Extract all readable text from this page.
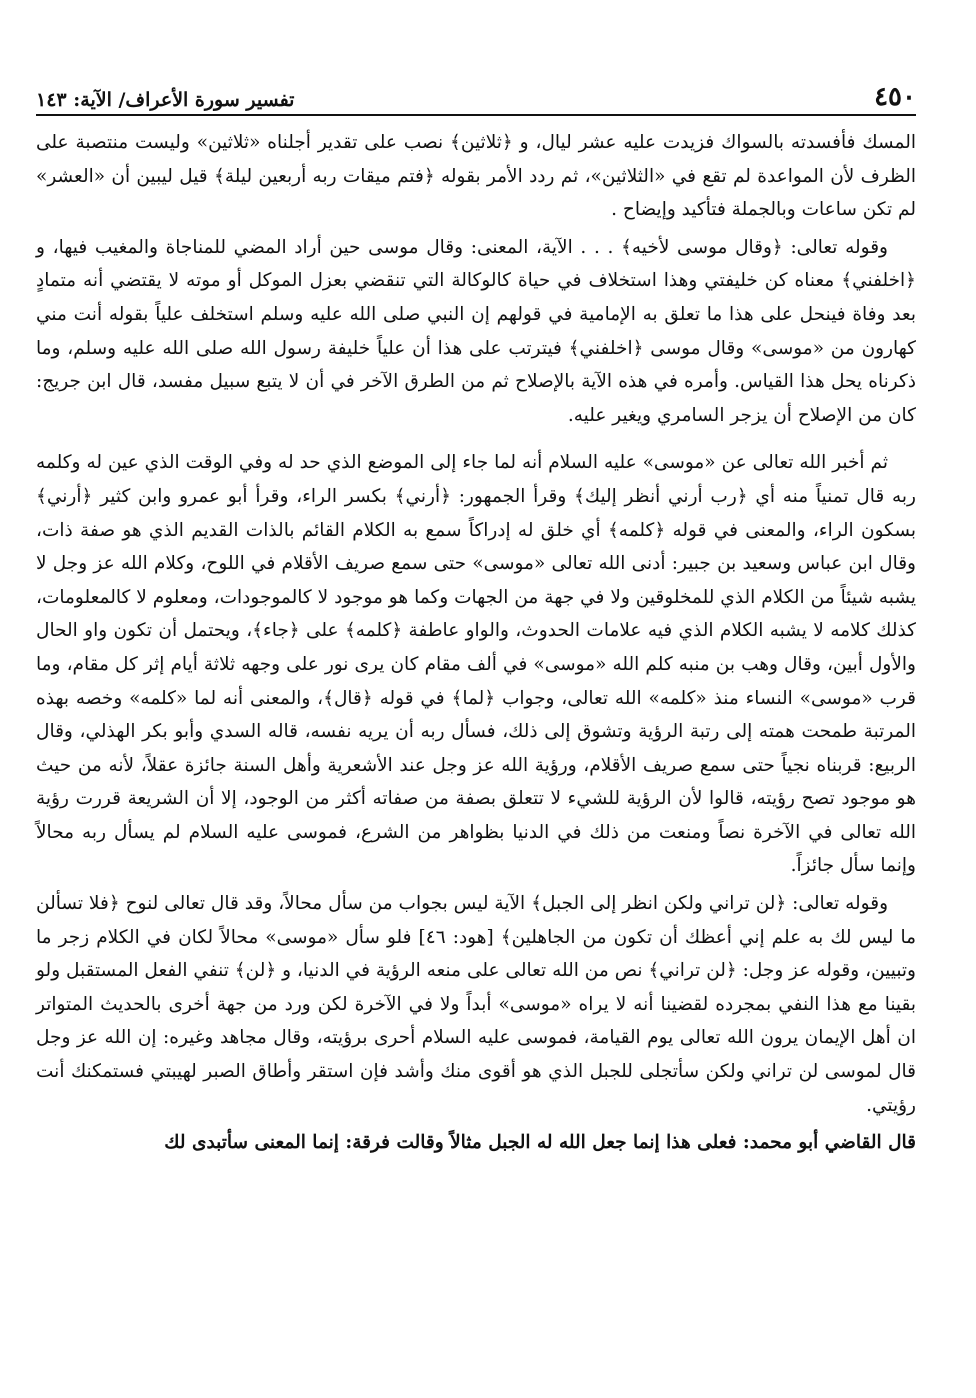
٤٥٠
تفسير سورة الأعراف/ الآية: ١٤٣

المسك فأفسدته بالسواك فزيدت عليه عشر ليال، و ﴿ثلاثين﴾ نصب على تقدير أجلناه «ثلاثين» وليست منتصبة على الظرف لأن المواعدة لم تقع في «الثلاثين»، ثم ردد الأمر بقوله ﴿فتم ميقات ربه أربعين ليلة﴾ قيل ليبين أن «العشر» لم تكن ساعات وبالجملة فتأكيد وإيضاح .

وقوله تعالى: ﴿وقال موسى لأخيه﴾ . . . الآية، المعنى: وقال موسى حين أراد المضي للمناجاة والمغيب فيها، و ﴿اخلفني﴾ معناه كن خليفتي وهذا استخلاف في حياة كالوكالة التي تنقضي بعزل الموكل أو موته لا يقتضي أنه متمادٍ بعد وفاة فينحل على هذا ما تعلق به الإمامية في قولهم إن النبي صلى الله عليه وسلم استخلف علياً بقوله أنت مني كهارون من «موسى» وقال موسى ﴿اخلفني﴾ فيترتب على هذا أن علياً خليفة رسول الله صلى الله عليه وسلم، وما ذكرناه يحل هذا القياس. وأمره في هذه الآية بالإصلاح ثم من الطرق الآخر في أن لا يتبع سبيل مفسد، قال ابن جريج: كان من الإصلاح أن يزجر السامري ويغير عليه.

ثم أخبر الله تعالى عن «موسى» عليه السلام أنه لما جاء إلى الموضع الذي حد له وفي الوقت الذي عين له وكلمه ربه قال تمنياً منه أي ﴿رب أرني أنظر إليك﴾ وقرأ الجمهور: ﴿أرني﴾ بكسر الراء، وقرأ أبو عمرو وابن كثير ﴿أرني﴾ بسكون الراء، والمعنى في قوله ﴿كلمه﴾ أي خلق له إدراكاً سمع به الكلام القائم بالذات القديم الذي هو صفة ذات، وقال ابن عباس وسعيد بن جبير: أدنى الله تعالى «موسى» حتى سمع صريف الأقلام في اللوح، وكلام الله عز وجل لا يشبه شيئاً من الكلام الذي للمخلوقين ولا في جهة من الجهات وكما هو موجود لا كالموجودات، ومعلوم لا كالمعلومات، كذلك كلامه لا يشبه الكلام الذي فيه علامات الحدوث، والواو عاطفة ﴿كلمه﴾ على ﴿جاء﴾، ويحتمل أن تكون واو الحال والأول أبين، وقال وهب بن منبه كلم الله «موسى» في ألف مقام كان يرى نور على وجهه ثلاثة أيام إثر كل مقام، وما قرب «موسى» النساء منذ «كلمه» الله تعالى، وجواب ﴿لما﴾ في قوله ﴿قال﴾، والمعنى أنه لما «كلمه» وخصه بهذه المرتبة طمحت همته إلى رتبة الرؤية وتشوق إلى ذلك، فسأل ربه أن يريه نفسه، قاله السدي وأبو بكر الهذلي، وقال الربيع: قربناه نجياً حتى سمع صريف الأقلام، ورؤية الله عز وجل عند الأشعرية وأهل السنة جائزة عقلاً، لأنه من حيث هو موجود تصح رؤيته، قالوا لأن الرؤية للشيء لا تتعلق بصفة من صفاته أكثر من الوجود، إلا أن الشريعة قررت رؤية الله تعالى في الآخرة نصاً ومنعت من ذلك في الدنيا بظواهر من الشرع، فموسى عليه السلام لم يسأل ربه محالاً وإنما سأل جائزاً.

وقوله تعالى: ﴿لن تراني ولكن انظر إلى الجبل﴾ الآية ليس بجواب من سأل محالاً، وقد قال تعالى لنوح ﴿فلا تسألن ما ليس لك به علم إني أعظك أن تكون من الجاهلين﴾ [هود: ٤٦] فلو سأل «موسى» محالاً لكان في الكلام زجر ما وتبيين، وقوله عز وجل: ﴿لن تراني﴾ نص من الله تعالى على منعه الرؤية في الدنيا، و ﴿لن﴾ تنفي الفعل المستقبل ولو بقينا مع هذا النفي بمجرده لقضينا أنه لا يراه «موسى» أبداً ولا في الآخرة لكن ورد من جهة أخرى بالحديث المتواتر ان أهل الإيمان يرون الله تعالى يوم القيامة، فموسى عليه السلام أحرى برؤيته، وقال مجاهد وغيره: إن الله عز وجل قال لموسى لن تراني ولكن سأتجلى للجبل الذي هو أقوى منك وأشد فإن استقر وأطاق الصبر لهيبتي فستمكنك أنت رؤيتي.

قال القاضي أبو محمد: فعلى هذا إنما جعل الله له الجبل مثالاً وقالت فرقة: إنما المعنى سأتبدى لك
